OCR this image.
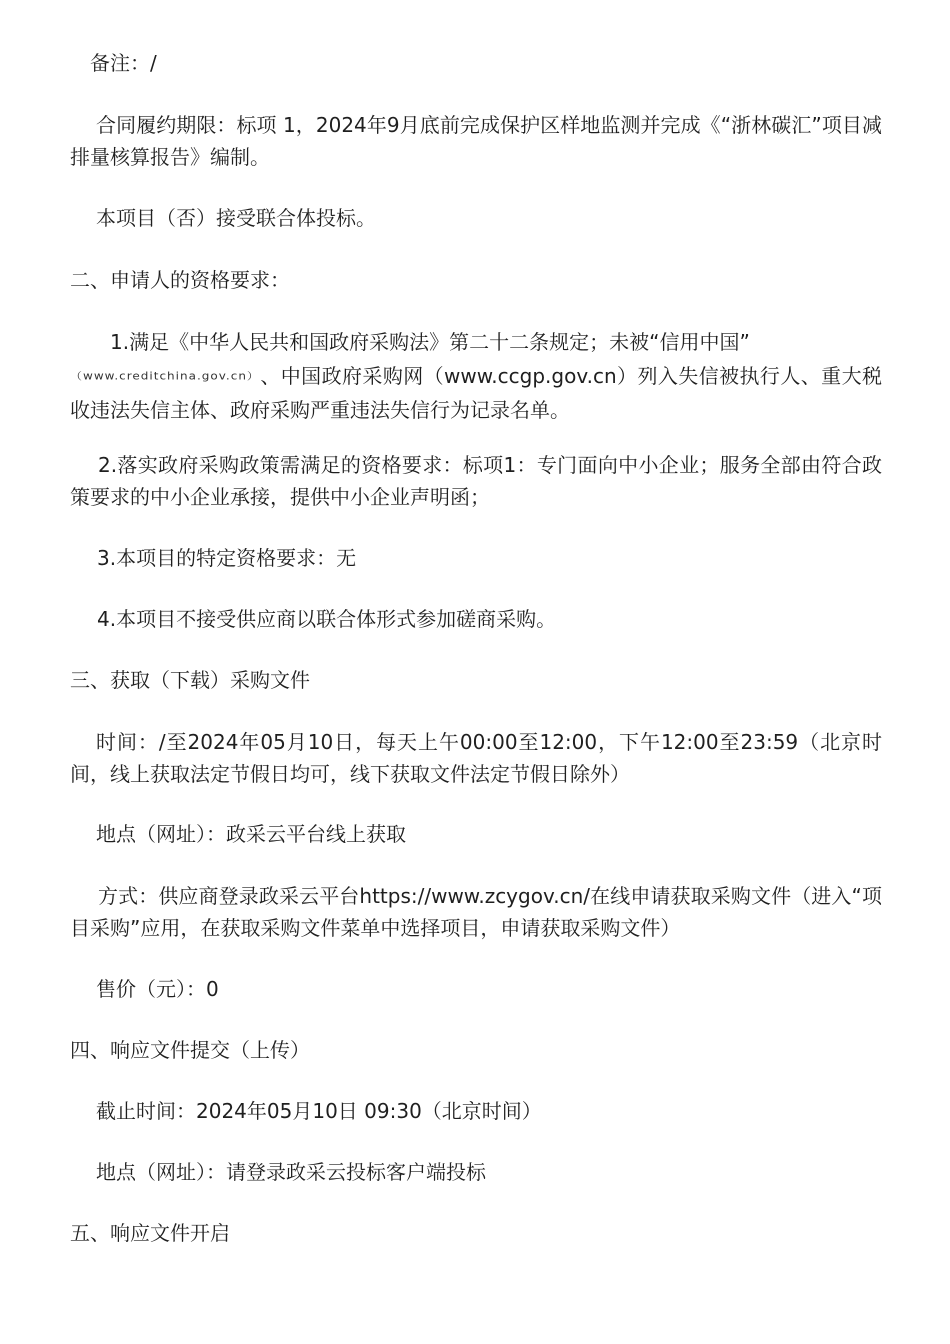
备注：/

合同履约期限：标项 1，2024年9月底前完成保护区样地监测并完成《“浙林碳汇”项目减排量核算报告》编制。

本项目（否）接受联合体投标。

二、申请人的资格要求：

1.满足《中华人民共和国政府采购法》第二十二条规定；未被“信用中国”
（www.creditchina.gov.cn）、中国政府采购网（www.ccgp.gov.cn）列入失信被执行人、重大税收违法失信主体、政府采购严重违法失信行为记录名单。

2.落实政府采购政策需满足的资格要求：标项1：专门面向中小企业；服务全部由符合政策要求的中小企业承接，提供中小企业声明函；

3.本项目的特定资格要求：无

4.本项目不接受供应商以联合体形式参加磋商采购。

三、获取（下载）采购文件

时间：/至2024年05月10日，每天上午00:00至12:00，下午12:00至23:59（北京时间，线上获取法定节假日均可，线下获取文件法定节假日除外）

地点（网址）：政采云平台线上获取

方式：供应商登录政采云平台https://www.zcygov.cn/在线申请获取采购文件（进入“项目采购”应用，在获取采购文件菜单中选择项目，申请获取采购文件）

售价（元）：0

四、响应文件提交（上传）

截止时间：2024年05月10日 09:30（北京时间）

地点（网址）：请登录政采云投标客户端投标

五、响应文件开启
